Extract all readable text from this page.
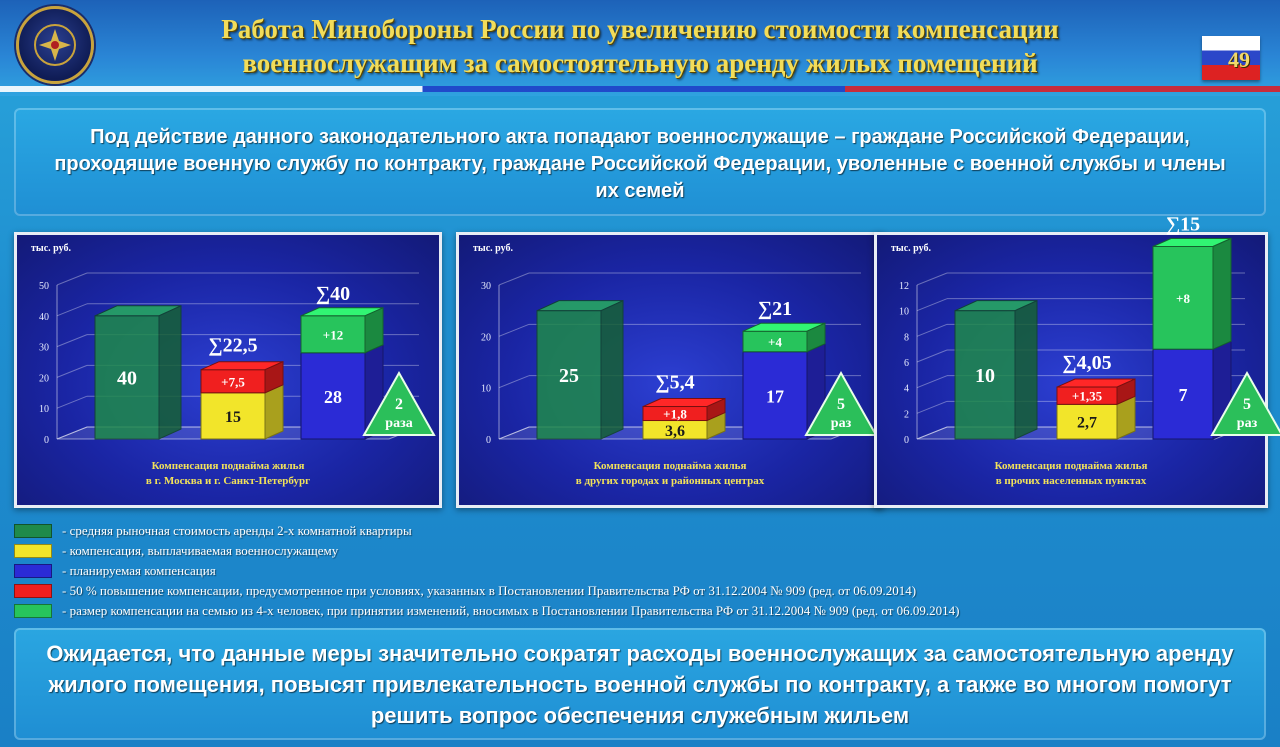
Работа Минобороны России по увеличению стоимости компенсации
военнослужащим за самостоятельную аренду жилых помещений	49

Под действие данного законодательного акта попадают военнослужащие – граждане Российской Федерации, проходящие военную службу по контракту, граждане Российской Федерации, уволенные с военной службы и члены их семей

тыс. руб.
0
10
20
30
40
50
40
15
+7,5
∑22,5
28
+12
∑40
2
раза
Компенсация поднайма жилья
в г. Москва и г. Санкт-Петербург
тыс. руб.
0
10
20
30
25
3,6
+1,8
∑5,4
17
+4
∑21
5
раз
Компенсация поднайма жилья
в других городах и районных центрах
тыс. руб.
0
2
4
6
8
10
12
10
2,7
+1,35
∑4,05
7
+8
∑15
5
раз
Компенсация поднайма жилья
в прочих населенных пунктах
- средняя рыночная стоимость аренды 2-х комнатной квартиры
- компенсация, выплачиваемая военнослужащему
- планируемая компенсация
- 50 % повышение компенсации, предусмотренное при условиях, указанных в Постановлении Правительства РФ от 31.12.2004 № 909 (ред. от 06.09.2014)
- размер компенсации на семью из 4-х человек, при принятии изменений, вносимых в Постановлении Правительства РФ от 31.12.2004 № 909 (ред. от 06.09.2014)

Ожидается, что данные меры значительно сократят расходы военнослужащих за самостоятельную аренду жилого помещения, повысят привлекательность военной службы по контракту, а также во многом помогут решить вопрос обеспечения служебным жильем
